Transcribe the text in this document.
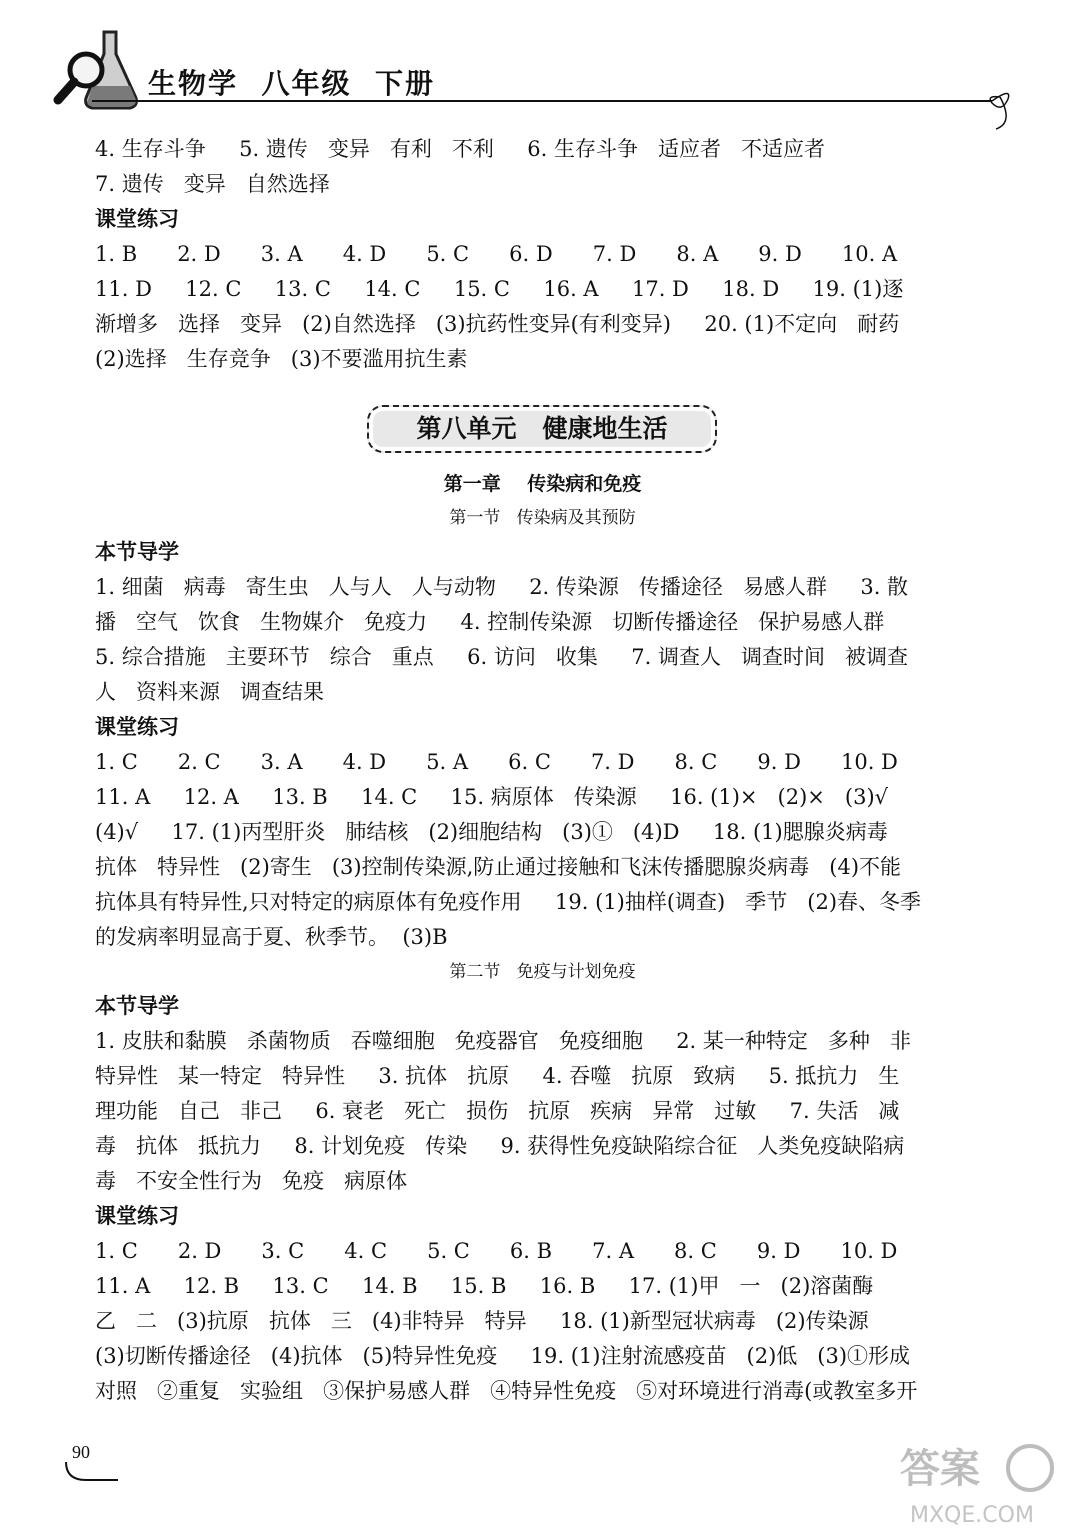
生物学  八年级  下册
4. 生存斗争     5. 遗传   变异   有利   不利     6. 生存斗争   适应者   不适应者
7. 遗传   变异   自然选择
课堂练习
1. B      2. D      3. A      4. D      5. C      6. D      7. D      8. A      9. D      10. A
11. D     12. C     13. C     14. C     15. C     16. A     17. D     18. D     19. (1)逐
渐增多   选择   变异   (2)自然选择   (3)抗药性变异(有利变异)     20. (1)不定向   耐药
(2)选择   生存竞争   (3)不要滥用抗生素
第八单元   健康地生活
第一章    传染病和免疫
第一节   传染病及其预防
本节导学
1. 细菌   病毒   寄生虫   人与人   人与动物     2. 传染源   传播途径   易感人群     3. 散
播   空气   饮食   生物媒介   免疫力     4. 控制传染源   切断传播途径   保护易感人群
5. 综合措施   主要环节   综合   重点     6. 访问   收集     7. 调查人   调查时间   被调查
人   资料来源   调查结果
课堂练习
1. C      2. C      3. A      4. D      5. A      6. C      7. D      8. C      9. D      10. D
11. A     12. A     13. B     14. C     15. 病原体   传染源     16. (1)×   (2)×   (3)√
(4)√     17. (1)丙型肝炎   肺结核   (2)细胞结构   (3)①   (4)D     18. (1)腮腺炎病毒
抗体   特异性   (2)寄生   (3)控制传染源,防止通过接触和飞沫传播腮腺炎病毒   (4)不能
抗体具有特异性,只对特定的病原体有免疫作用     19. (1)抽样(调查)   季节   (2)春、冬季
的发病率明显高于夏、秋季节。  (3)B
第二节   免疫与计划免疫
本节导学
1. 皮肤和黏膜   杀菌物质   吞噬细胞   免疫器官   免疫细胞     2. 某一种特定   多种   非
特异性   某一特定   特异性     3. 抗体   抗原     4. 吞噬   抗原   致病     5. 抵抗力   生
理功能   自己   非己     6. 衰老   死亡   损伤   抗原   疾病   异常   过敏     7. 失活   减
毒   抗体   抵抗力     8. 计划免疫   传染     9. 获得性免疫缺陷综合征   人类免疫缺陷病
毒   不安全性行为   免疫   病原体
课堂练习
1. C      2. D      3. C      4. C      5. C      6. B      7. A      8. C      9. D      10. D
11. A     12. B     13. C     14. B     15. B     16. B     17. (1)甲   一   (2)溶菌酶
乙   二   (3)抗原   抗体   三   (4)非特异   特异     18. (1)新型冠状病毒   (2)传染源
(3)切断传播途径   (4)抗体   (5)特异性免疫     19. (1)注射流感疫苗   (2)低   (3)①形成
对照   ②重复   实验组   ③保护易感人群   ④特异性免疫   ⑤对环境进行消毒(或教室多开
90	答案
MXQE.COM
